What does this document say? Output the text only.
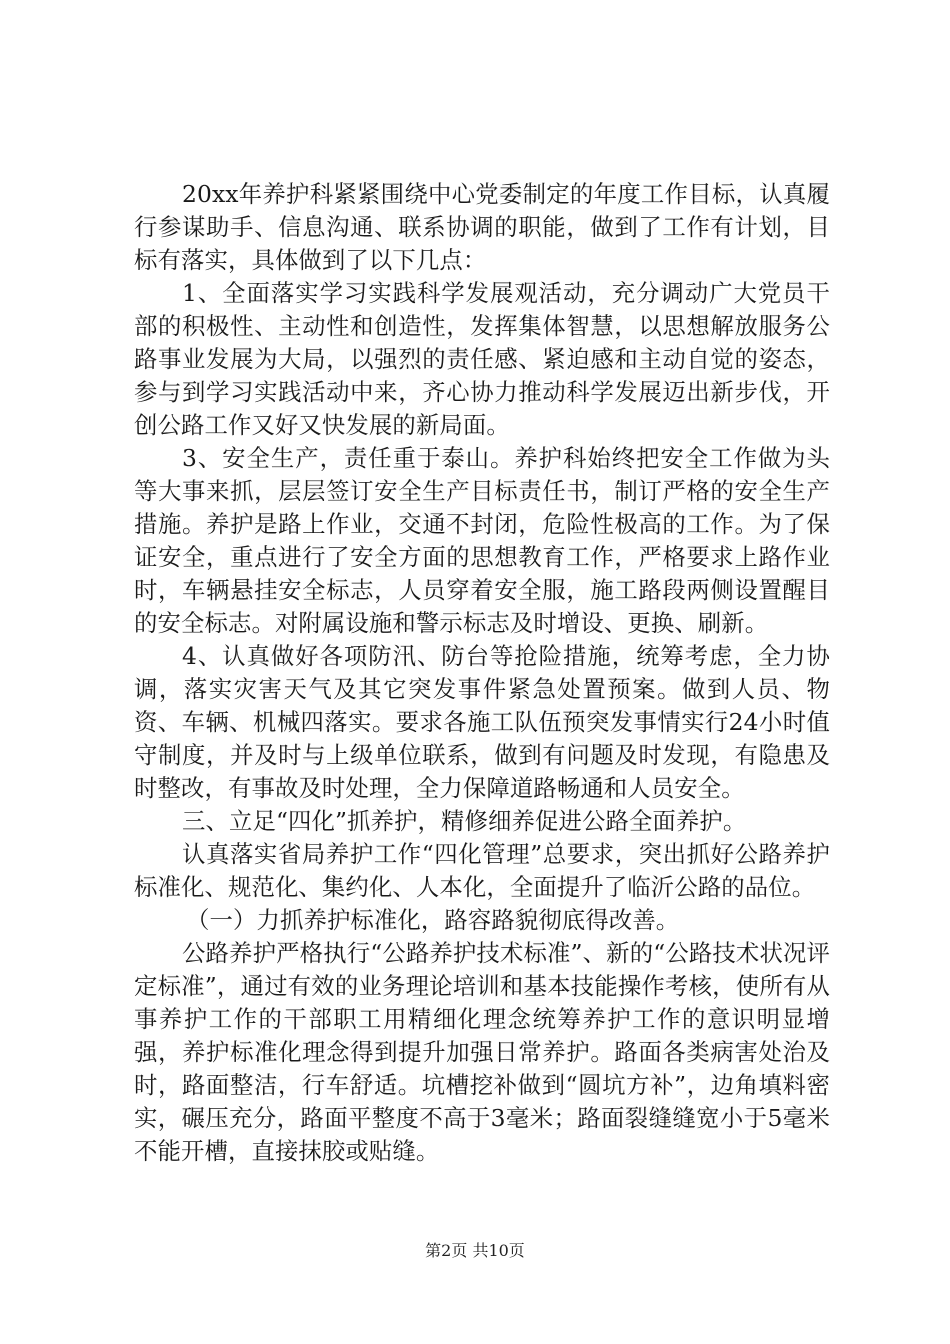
20xx年养护科紧紧围绕中心党委制定的年度工作目标，认真履行参谋助手、信息沟通、联系协调的职能，做到了工作有计划，目标有落实，具体做到了以下几点：

1、全面落实学习实践科学发展观活动，充分调动广大党员干部的积极性、主动性和创造性，发挥集体智慧，以思想解放服务公路事业发展为大局，以强烈的责任感、紧迫感和主动自觉的姿态，参与到学习实践活动中来，齐心协力推动科学发展迈出新步伐，开创公路工作又好又快发展的新局面。

3、安全生产，责任重于泰山。养护科始终把安全工作做为头等大事来抓，层层签订安全生产目标责任书，制订严格的安全生产措施。养护是路上作业，交通不封闭，危险性极高的工作。为了保证安全，重点进行了安全方面的思想教育工作，严格要求上路作业时，车辆悬挂安全标志，人员穿着安全服，施工路段两侧设置醒目的安全标志。对附属设施和警示标志及时增设、更换、刷新。

4、认真做好各项防汛、防台等抢险措施，统筹考虑，全力协调，落实灾害天气及其它突发事件紧急处置预案。做到人员、物资、车辆、机械四落实。要求各施工队伍预突发事情实行24小时值守制度，并及时与上级单位联系，做到有问题及时发现，有隐患及时整改，有事故及时处理，全力保障道路畅通和人员安全。

三、立足“四化”抓养护，精修细养促进公路全面养护。

认真落实省局养护工作“四化管理”总要求，突出抓好公路养护标准化、规范化、集约化、人本化，全面提升了临沂公路的品位。

（一）力抓养护标准化，路容路貌彻底得改善。

公路养护严格执行“公路养护技术标准”、新的“公路技术状况评定标准”，通过有效的业务理论培训和基本技能操作考核，使所有从事养护工作的干部职工用精细化理念统筹养护工作的意识明显增强，养护标准化理念得到提升加强日常养护。路面各类病害处治及时，路面整洁，行车舒适。坑槽挖补做到“圆坑方补”，边角填料密实，碾压充分，路面平整度不高于3毫米；路面裂缝缝宽小于5毫米不能开槽，直接抹胶或贴缝。

第2页 共10页
